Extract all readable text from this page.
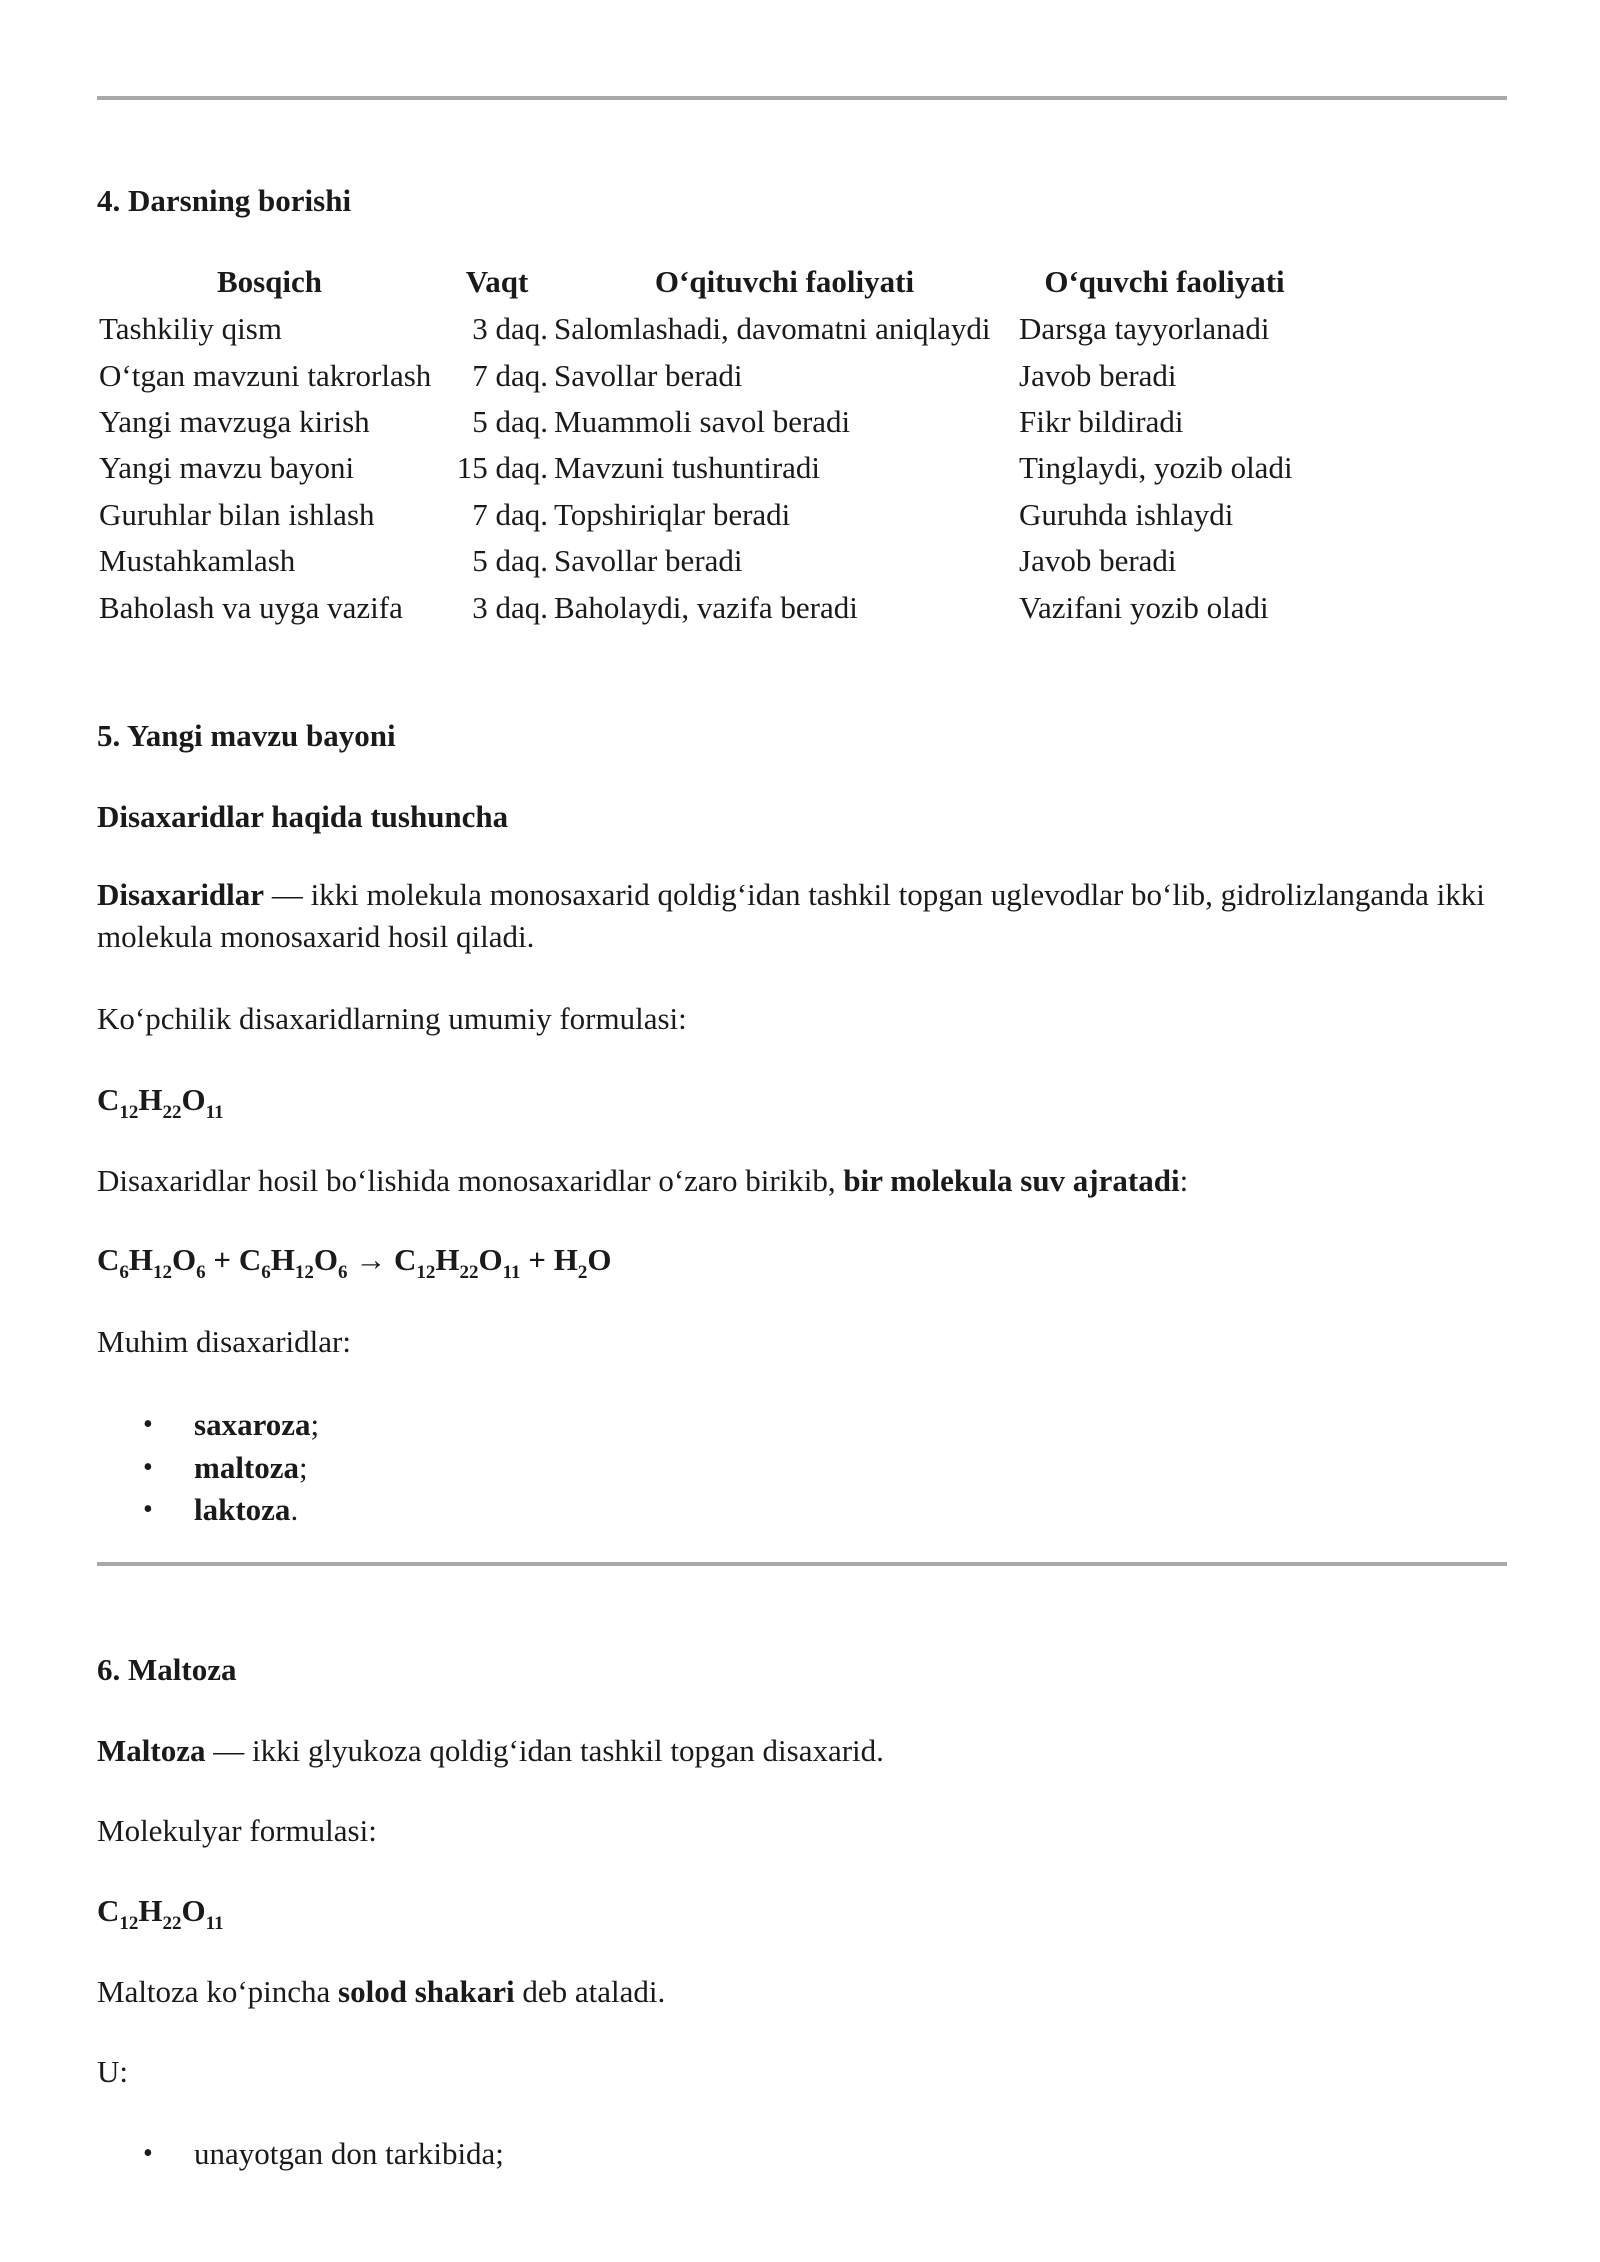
4. Darsning borishi
Bosqich	Vaqt	O‘qituvchi faoliyati	O‘quvchi faoliyati
Tashkiliy qism	3 daq.	Salomlashadi, davomatni aniqlaydi	Darsga tayyorlanadi
O‘tgan mavzuni takrorlash	7 daq.	Savollar beradi	Javob beradi
Yangi mavzuga kirish	5 daq.	Muammoli savol beradi	Fikr bildiradi
Yangi mavzu bayoni	15 daq.	Mavzuni tushuntiradi	Tinglaydi, yozib oladi
Guruhlar bilan ishlash	7 daq.	Topshiriqlar beradi	Guruhda ishlaydi
Mustahkamlash	5 daq.	Savollar beradi	Javob beradi
Baholash va uyga vazifa	3 daq.	Baholaydi, vazifa beradi	Vazifani yozib oladi
5. Yangi mavzu bayoni
Disaxaridlar haqida tushuncha
Disaxaridlar — ikki molekula monosaxarid qoldig‘idan tashkil topgan uglevodlar bo‘lib, gidrolizlanganda ikki molekula monosaxarid hosil qiladi.
Ko‘pchilik disaxaridlarning umumiy formulasi:
$C_{12}H_{22}O_{11}$
Disaxaridlar hosil bo‘lishida monosaxaridlar o‘zaro birikib, bir molekula suv ajratadi:
$C_6H_{12}O_6 + C_6H_{12}O_6 \to C_{12}H_{22}O_{11} + H_2O$
Muhim disaxaridlar:
• saxaroza;
• maltoza;
• laktoza.
6. Maltoza
Maltoza — ikki glyukoza qoldig‘idan tashkil topgan disaxarid.
Molekulyar formulasi:
$C_{12}H_{22}O_{11}$
Maltoza ko‘pincha solod shakari deb ataladi.
U:
• unayotgan don tarkibida;
